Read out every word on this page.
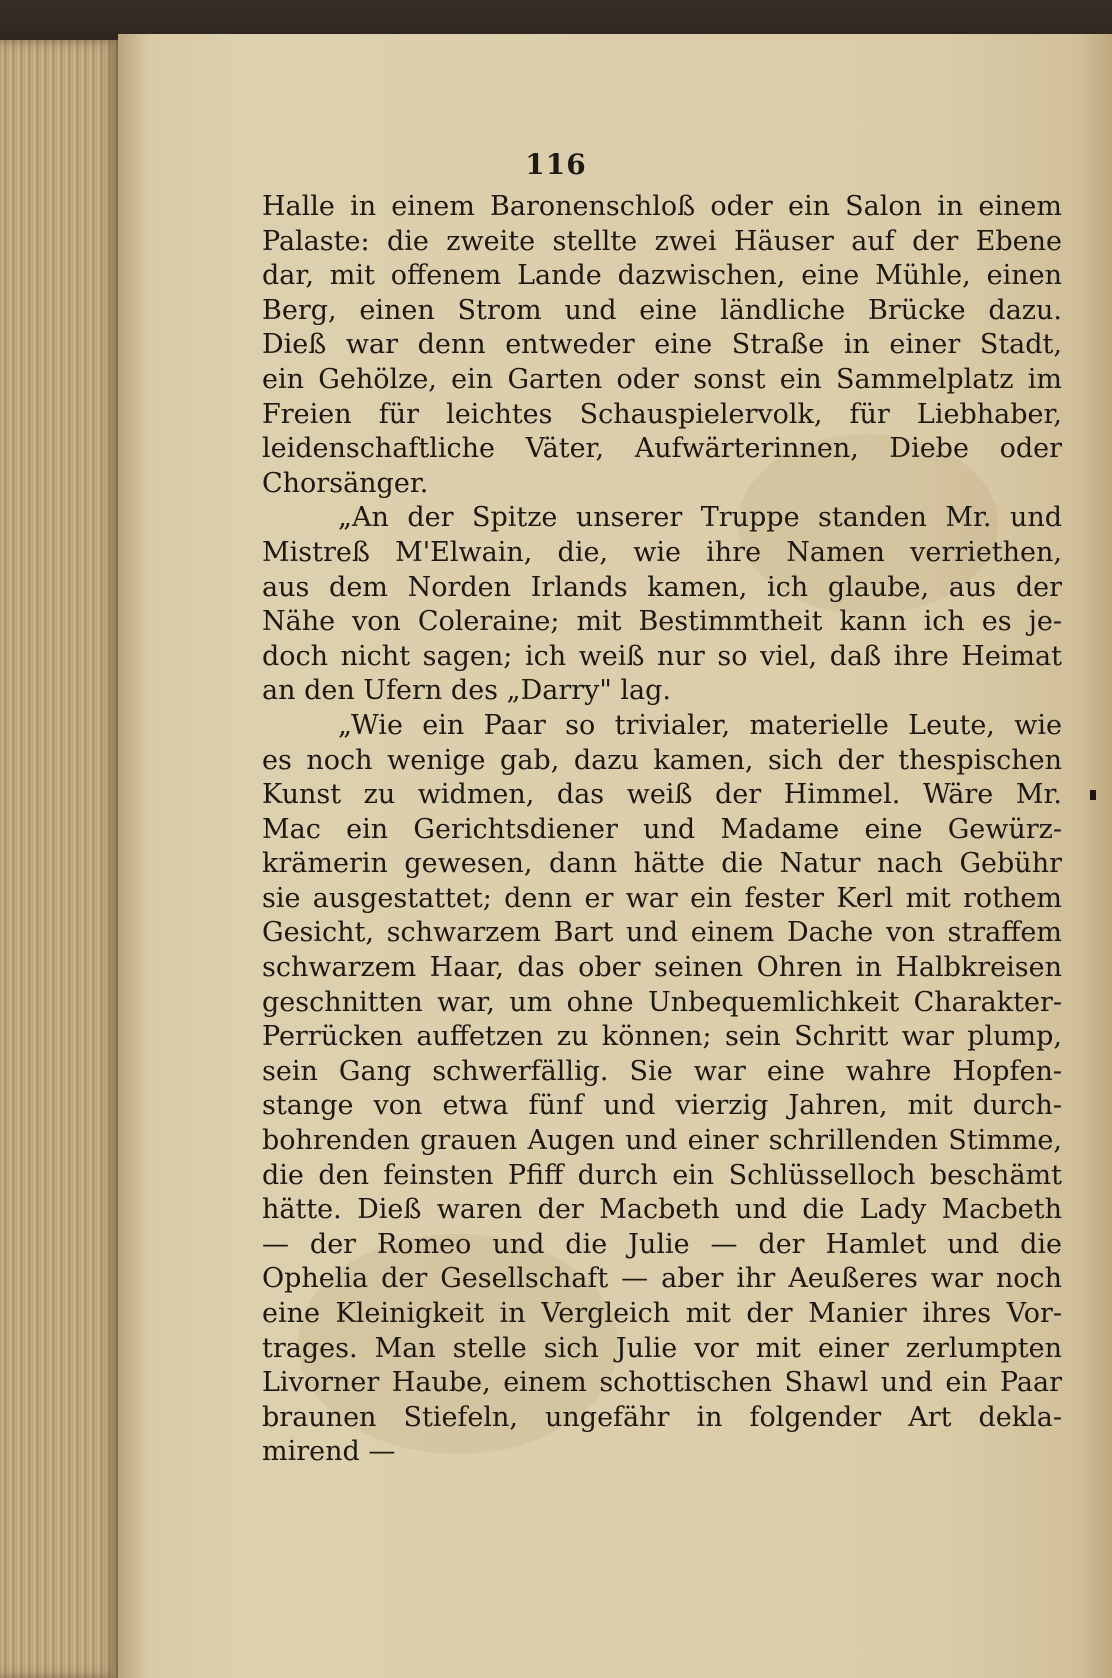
116
Halle in einem Baronenschloß oder ein Salon in einem
Palaste: die zweite stellte zwei Häuser auf der Ebene
dar, mit offenem Lande dazwischen, eine Mühle, einen
Berg, einen Strom und eine ländliche Brücke dazu.
Dieß war denn entweder eine Straße in einer Stadt,
ein Gehölze, ein Garten oder sonst ein Sammelplatz im
Freien für leichtes Schauspielervolk, für Liebhaber,
leidenschaftliche Väter, Aufwärterinnen, Diebe oder
Chorsänger.
„An der Spitze unserer Truppe standen Mr. und
Mistreß M'Elwain, die, wie ihre Namen verriethen,
aus dem Norden Irlands kamen, ich glaube, aus der
Nähe von Coleraine; mit Bestimmtheit kann ich es je-
doch nicht sagen; ich weiß nur so viel, daß ihre Heimat
an den Ufern des „Darry" lag.
„Wie ein Paar so trivialer, materielle Leute, wie
es noch wenige gab, dazu kamen, sich der thespischen
Kunst zu widmen, das weiß der Himmel. Wäre Mr.
Mac ein Gerichtsdiener und Madame eine Gewürz-
krämerin gewesen, dann hätte die Natur nach Gebühr
sie ausgestattet; denn er war ein fester Kerl mit rothem
Gesicht, schwarzem Bart und einem Dache von straffem
schwarzem Haar, das ober seinen Ohren in Halbkreisen
geschnitten war, um ohne Unbequemlichkeit Charakter-
Perrücken auffetzen zu können; sein Schritt war plump,
sein Gang schwerfällig. Sie war eine wahre Hopfen-
stange von etwa fünf und vierzig Jahren, mit durch-
bohrenden grauen Augen und einer schrillenden Stimme,
die den feinsten Pfiff durch ein Schlüsselloch beschämt
hätte. Dieß waren der Macbeth und die Lady Macbeth
— der Romeo und die Julie — der Hamlet und die
Ophelia der Gesellschaft — aber ihr Aeußeres war noch
eine Kleinigkeit in Vergleich mit der Manier ihres Vor-
trages. Man stelle sich Julie vor mit einer zerlumpten
Livorner Haube, einem schottischen Shawl und ein Paar
braunen Stiefeln, ungefähr in folgender Art dekla-
mirend —
